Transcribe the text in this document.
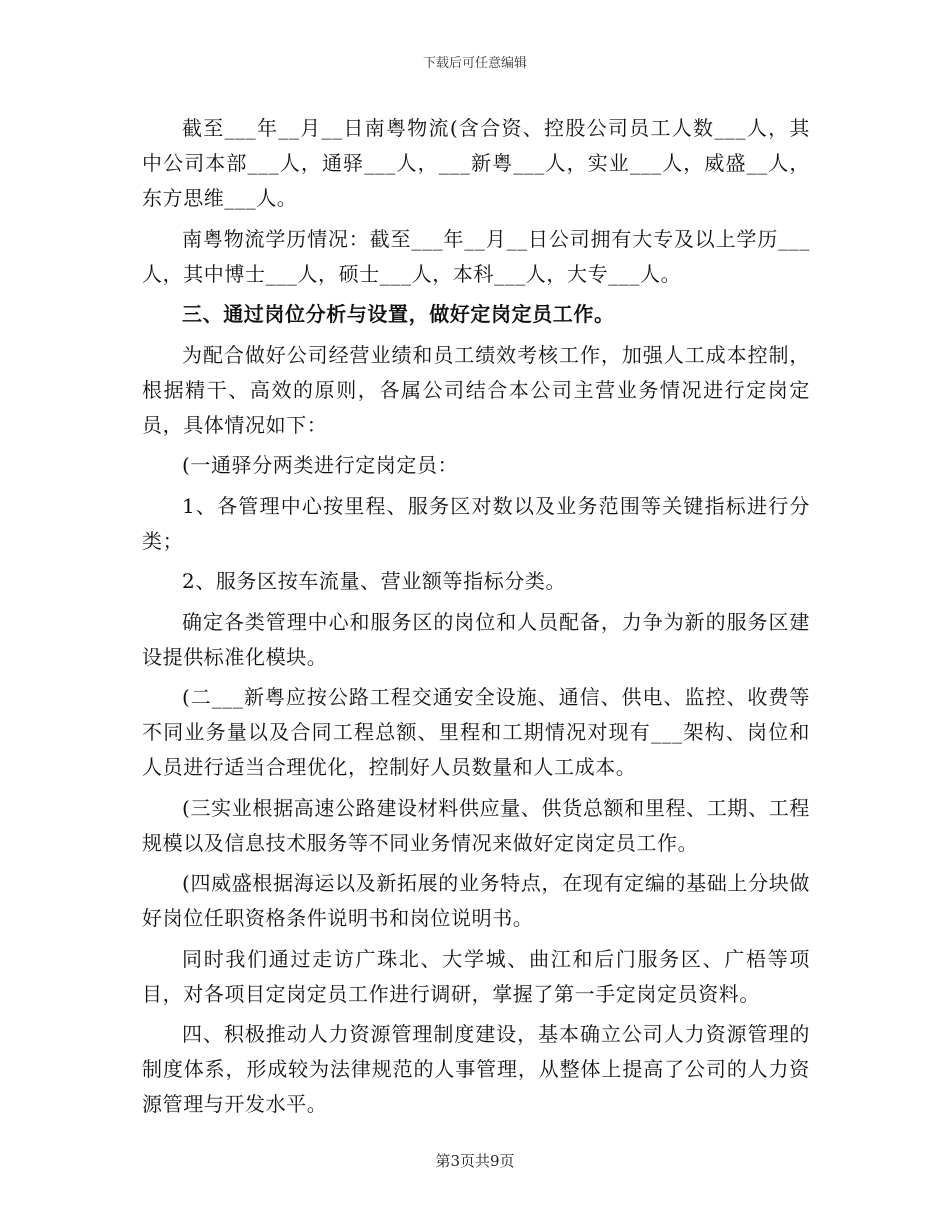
下载后可任意编辑

截至___年__月__日南粤物流(含合资、控股公司员工人数___人，其中公司本部___人，通驿___人，___新粤___人，实业___人，威盛__人，东方思维___人。

南粤物流学历情况：截至___年__月__日公司拥有大专及以上学历___人，其中博士___人，硕士___人，本科___人，大专___人。

三、通过岗位分析与设置，做好定岗定员工作。

为配合做好公司经营业绩和员工绩效考核工作，加强人工成本控制，根据精干、高效的原则，各属公司结合本公司主营业务情况进行定岗定员，具体情况如下：

(一通驿分两类进行定岗定员：

1、各管理中心按里程、服务区对数以及业务范围等关键指标进行分类；

2、服务区按车流量、营业额等指标分类。

确定各类管理中心和服务区的岗位和人员配备，力争为新的服务区建设提供标准化模块。

(二___新粤应按公路工程交通安全设施、通信、供电、监控、收费等不同业务量以及合同工程总额、里程和工期情况对现有___架构、岗位和人员进行适当合理优化，控制好人员数量和人工成本。

(三实业根据高速公路建设材料供应量、供货总额和里程、工期、工程规模以及信息技术服务等不同业务情况来做好定岗定员工作。

(四威盛根据海运以及新拓展的业务特点，在现有定编的基础上分块做好岗位任职资格条件说明书和岗位说明书。

同时我们通过走访广珠北、大学城、曲江和后门服务区、广梧等项目，对各项目定岗定员工作进行调研，掌握了第一手定岗定员资料。

四、积极推动人力资源管理制度建设，基本确立公司人力资源管理的制度体系，形成较为法律规范的人事管理，从整体上提高了公司的人力资源管理与开发水平。

第3页共9页
